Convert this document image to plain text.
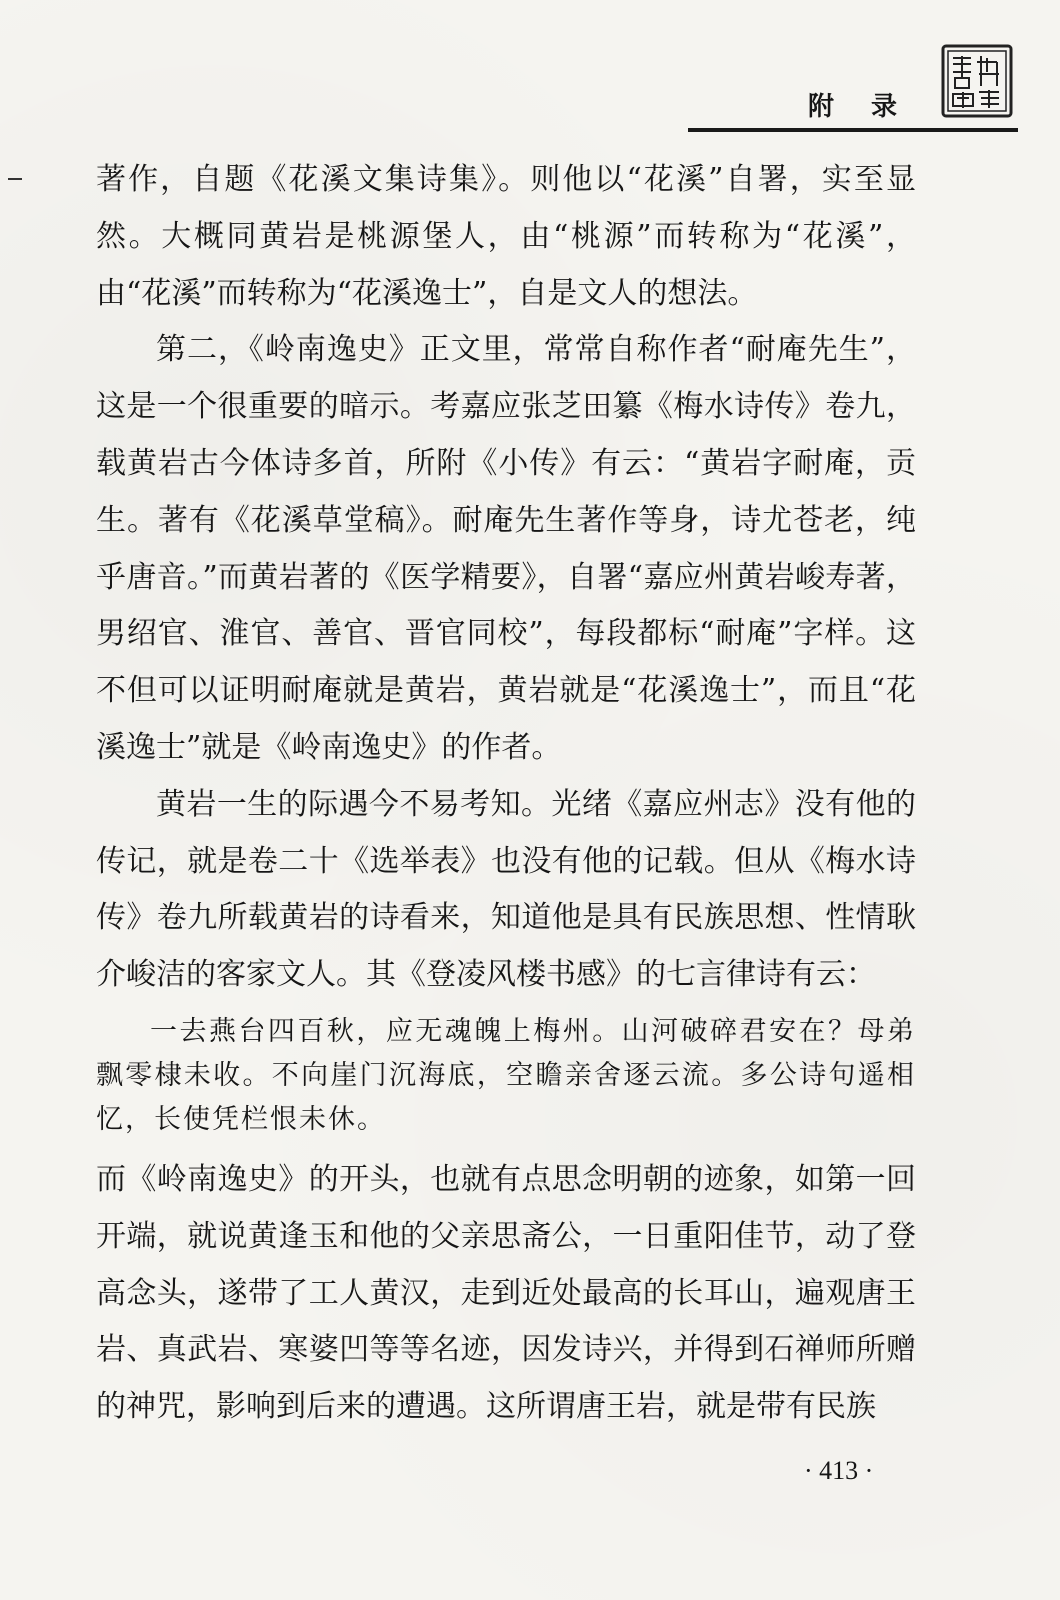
附 录

著作，自题《花溪文集诗集》。则他以“花溪”自署，实至显然。大概同黄岩是桃源堡人，由“桃源”而转称为“花溪”，由“花溪”而转称为“花溪逸士”，自是文人的想法。

第二，《岭南逸史》正文里，常常自称作者“耐庵先生”，这是一个很重要的暗示。考嘉应张芝田纂《梅水诗传》卷九，载黄岩古今体诗多首，所附《小传》有云：“黄岩字耐庵，贡生。著有《花溪草堂稿》。耐庵先生著作等身，诗尤苍老，纯乎唐音。”而黄岩著的《医学精要》，自署“嘉应州黄岩峻寿著，男绍官、淮官、善官、晋官同校”，每段都标“耐庵”字样。这不但可以证明耐庵就是黄岩，黄岩就是“花溪逸士”，而且“花溪逸士”就是《岭南逸史》的作者。

黄岩一生的际遇今不易考知。光绪《嘉应州志》没有他的传记，就是卷二十《选举表》也没有他的记载。但从《梅水诗传》卷九所载黄岩的诗看来，知道他是具有民族思想、性情耿介峻洁的客家文人。其《登凌风楼书感》的七言律诗有云：

一去燕台四百秋，应无魂魄上梅州。山河破碎君安在？母弟飘零棣未收。不向崖门沉海底，空瞻亲舍逐云流。多公诗句遥相忆，长使凭栏恨未休。

而《岭南逸史》的开头，也就有点思念明朝的迹象，如第一回开端，就说黄逢玉和他的父亲思斋公，一日重阳佳节，动了登高念头，遂带了工人黄汉，走到近处最高的长耳山，遍观唐王岩、真武岩、寒婆凹等等名迹，因发诗兴，并得到石禅师所赠的神咒，影响到后来的遭遇。这所谓唐王岩，就是带有民族

· 413 ·
